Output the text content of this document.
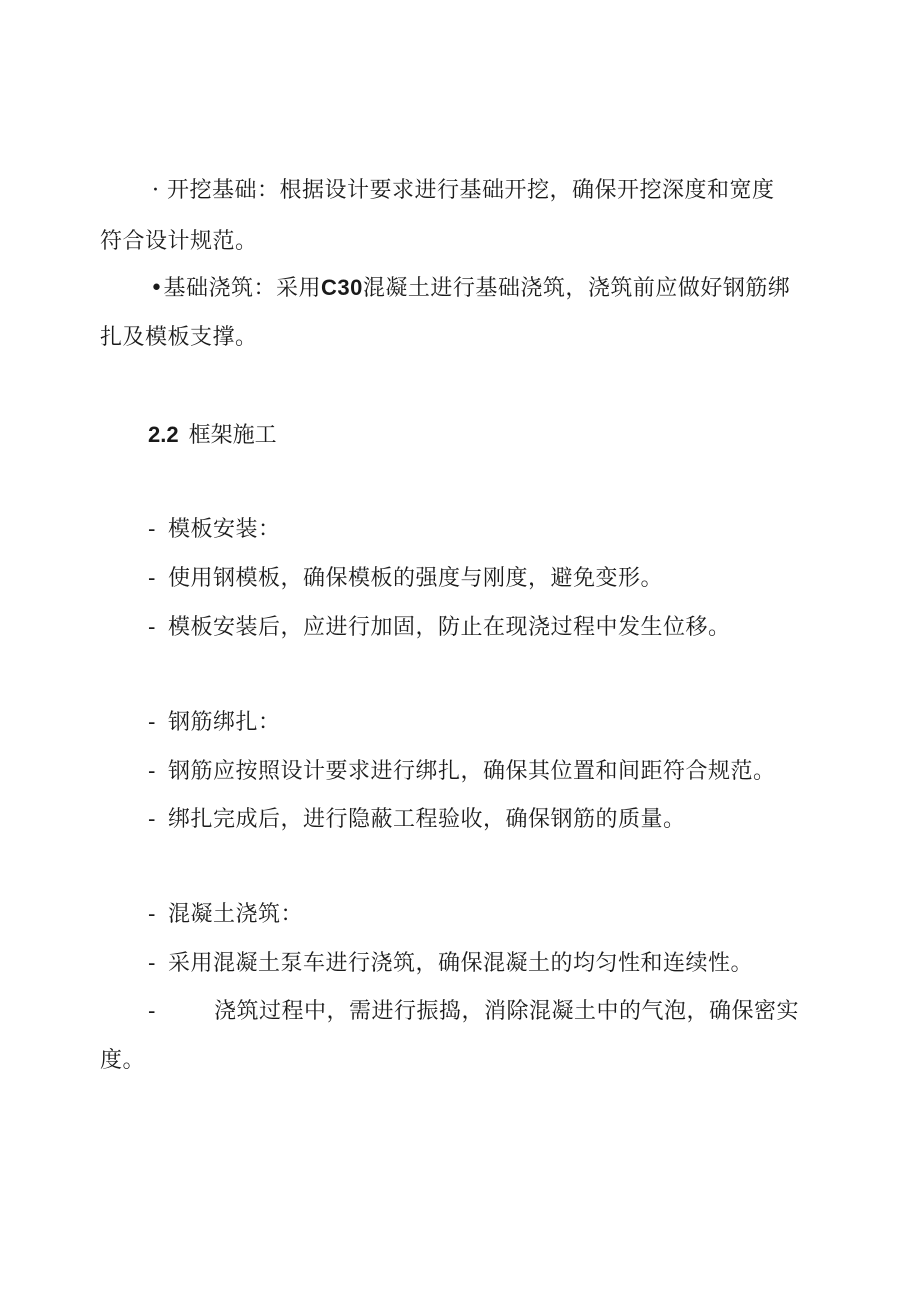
· 开挖基础：根据设计要求进行基础开挖，确保开挖深度和宽度
符合设计规范。
•基础浇筑：采用C30混凝土进行基础浇筑，浇筑前应做好钢筋绑
扎及模板支撑。
2.2 框架施工
- 模板安装：
- 使用钢模板，确保模板的强度与刚度，避免变形。
- 模板安装后，应进行加固，防止在现浇过程中发生位移。
- 钢筋绑扎：
- 钢筋应按照设计要求进行绑扎，确保其位置和间距符合规范。
- 绑扎完成后，进行隐蔽工程验收，确保钢筋的质量。
- 混凝土浇筑：
- 采用混凝土泵车进行浇筑，确保混凝土的均匀性和连续性。
-	浇筑过程中，需进行振捣，消除混凝土中的气泡，确保密实
度。
